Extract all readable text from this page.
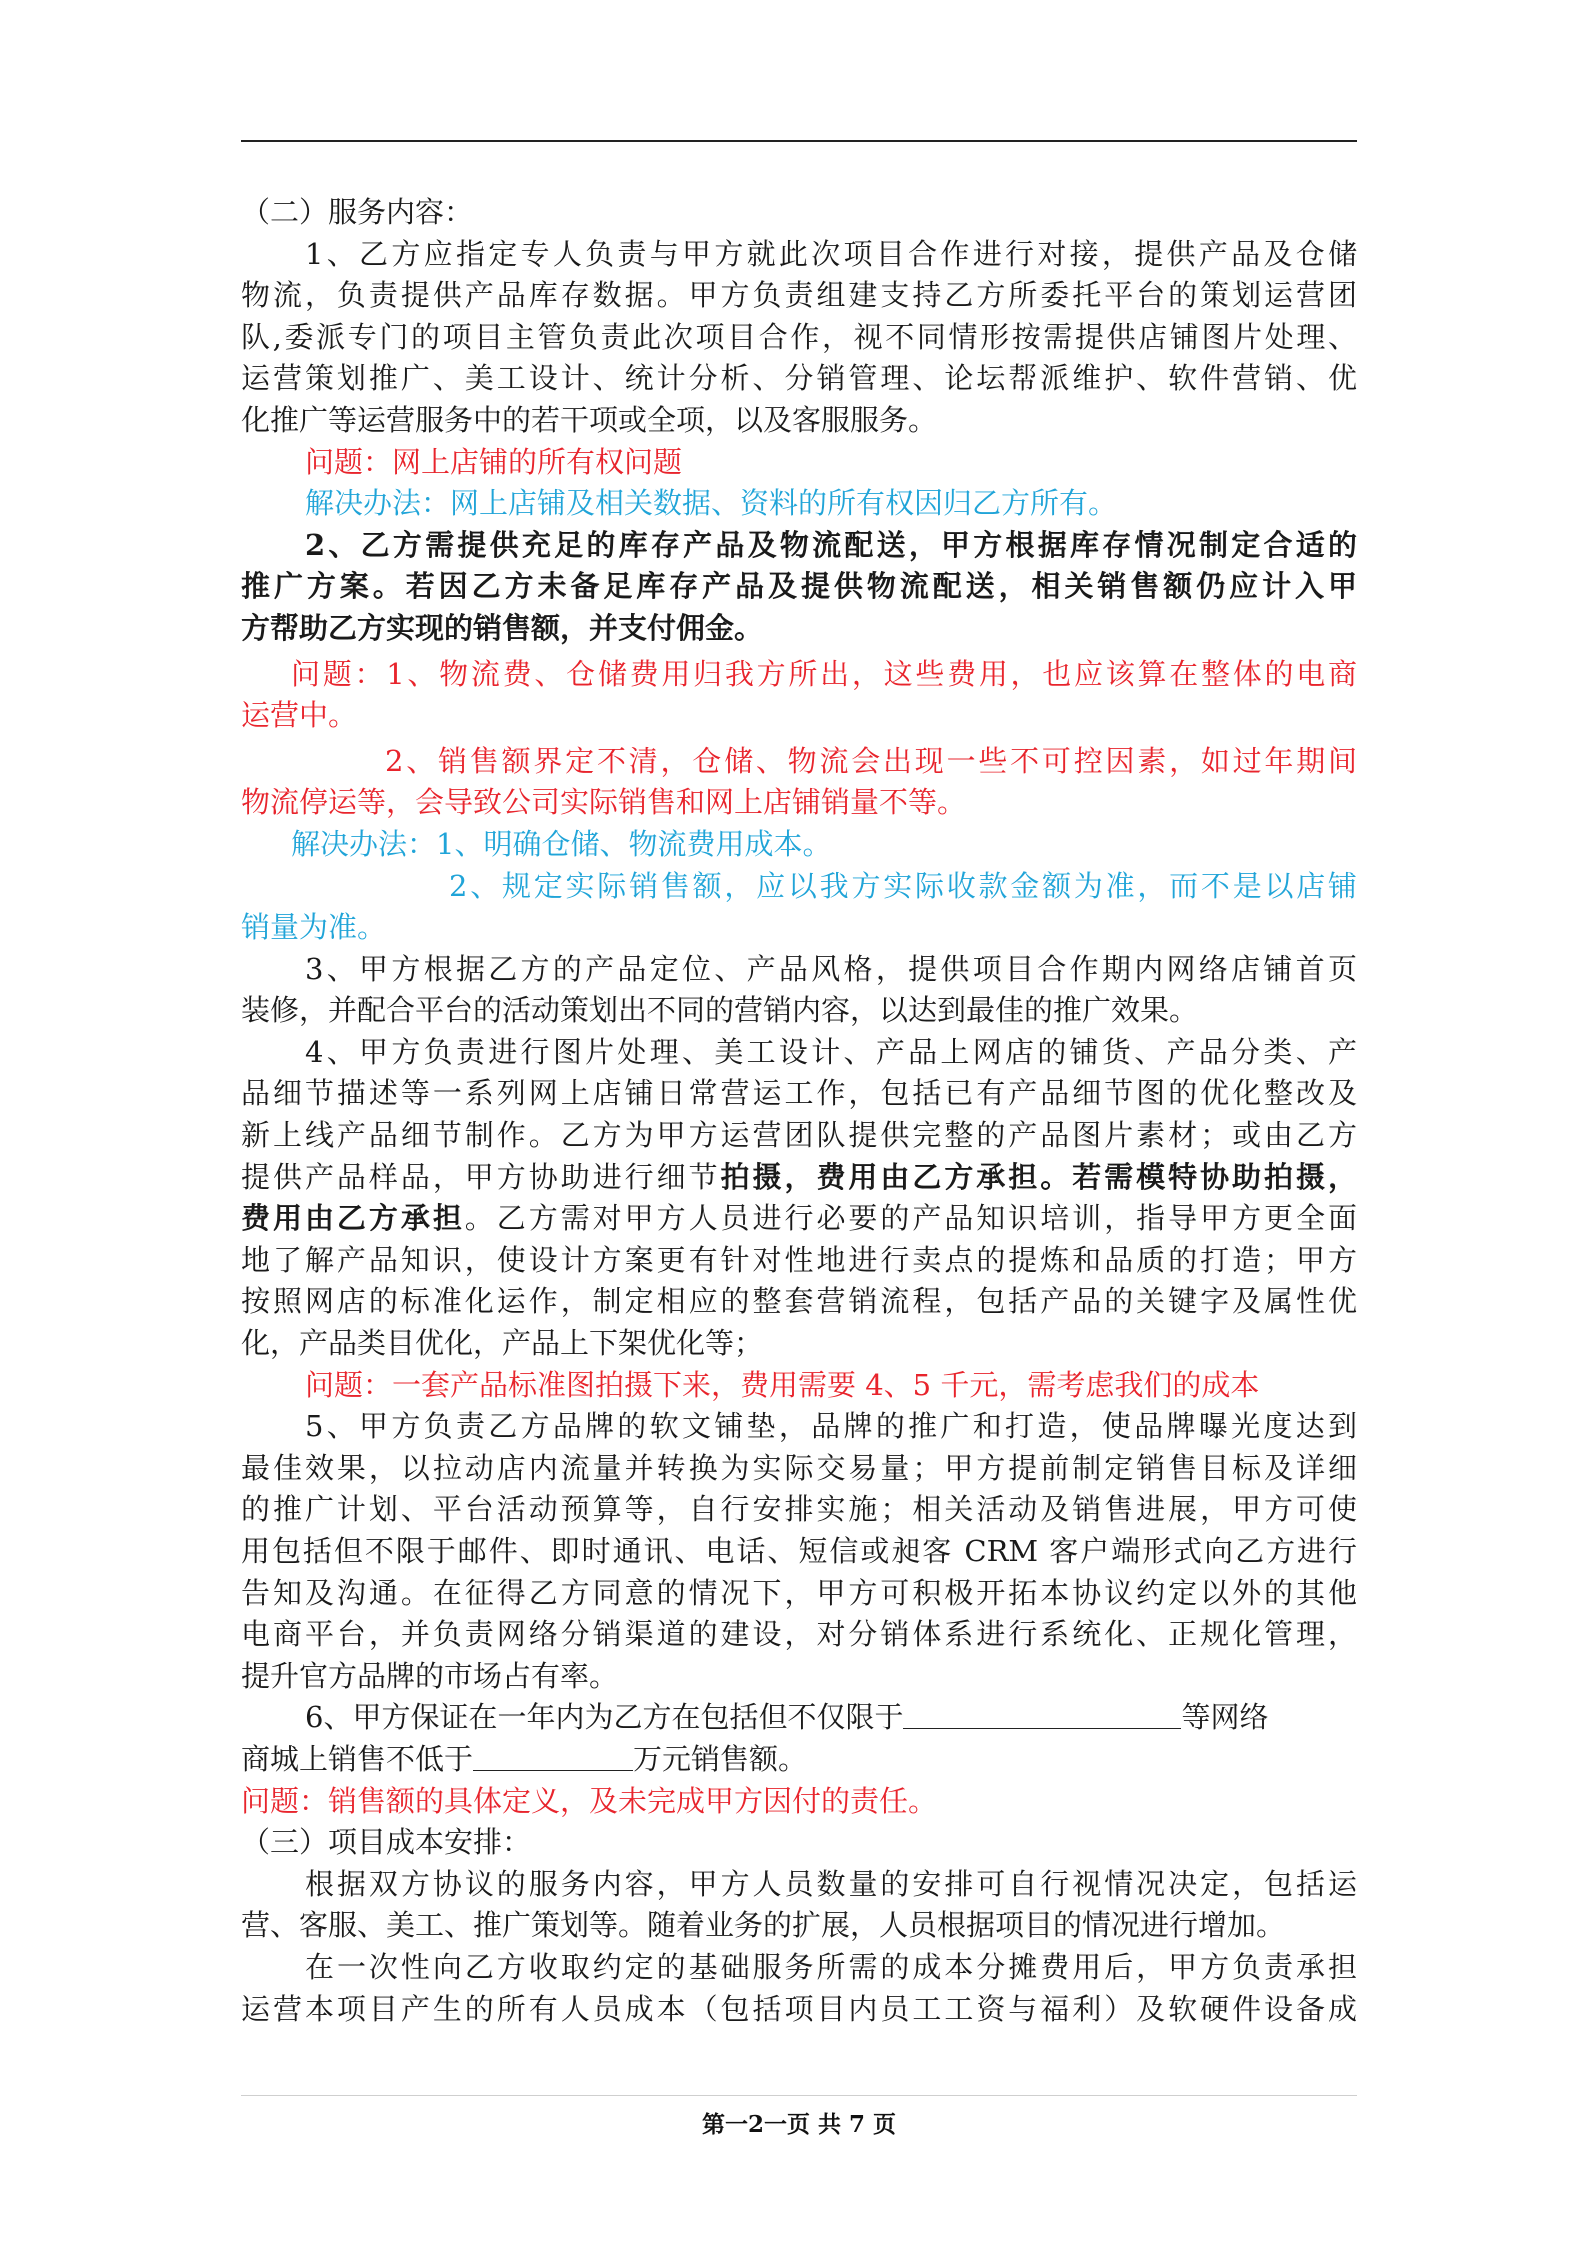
（二）服务内容：
1、乙方应指定专人负责与甲方就此次项目合作进行对接，提供产品及仓储
物流，负责提供产品库存数据。甲方负责组建支持乙方所委托平台的策划运营团
队,委派专门的项目主管负责此次项目合作，视不同情形按需提供店铺图片处理、
运营策划推广、美工设计、统计分析、分销管理、论坛帮派维护、软件营销、优
化推广等运营服务中的若干项或全项，以及客服服务。
问题：网上店铺的所有权问题
解决办法：网上店铺及相关数据、资料的所有权因归乙方所有。
2、乙方需提供充足的库存产品及物流配送，甲方根据库存情况制定合适的
推广方案。若因乙方未备足库存产品及提供物流配送，相关销售额仍应计入甲
方帮助乙方实现的销售额，并支付佣金。
问题：1、物流费、仓储费用归我方所出，这些费用，也应该算在整体的电商
运营中。
2、销售额界定不清，仓储、物流会出现一些不可控因素，如过年期间
物流停运等，会导致公司实际销售和网上店铺销量不等。
解决办法：1、明确仓储、物流费用成本。
2、规定实际销售额，应以我方实际收款金额为准，而不是以店铺
销量为准。
3、甲方根据乙方的产品定位、产品风格，提供项目合作期内网络店铺首页
装修，并配合平台的活动策划出不同的营销内容，以达到最佳的推广效果。
4、甲方负责进行图片处理、美工设计、产品上网店的铺货、产品分类、产
品细节描述等一系列网上店铺日常营运工作，包括已有产品细节图的优化整改及
新上线产品细节制作。乙方为甲方运营团队提供完整的产品图片素材；或由乙方
提供产品样品，甲方协助进行细节拍摄，费用由乙方承担。若需模特协助拍摄，
费用由乙方承担。乙方需对甲方人员进行必要的产品知识培训，指导甲方更全面
地了解产品知识，使设计方案更有针对性地进行卖点的提炼和品质的打造；甲方
按照网店的标准化运作，制定相应的整套营销流程，包括产品的关键字及属性优
化，产品类目优化，产品上下架优化等；
问题：一套产品标准图拍摄下来，费用需要 4、5 千元，需考虑我们的成本
5、甲方负责乙方品牌的软文铺垫，品牌的推广和打造，使品牌曝光度达到
最佳效果，以拉动店内流量并转换为实际交易量；甲方提前制定销售目标及详细
的推广计划、平台活动预算等，自行安排实施；相关活动及销售进展，甲方可使
用包括但不限于邮件、即时通讯、电话、短信或昶客 CRM 客户端形式向乙方进行
告知及沟通。在征得乙方同意的情况下，甲方可积极开拓本协议约定以外的其他
电商平台，并负责网络分销渠道的建设，对分销体系进行系统化、正规化管理，
提升官方品牌的市场占有率。
6、甲方保证在一年内为乙方在包括但不仅限于	等网络
商城上销售不低于	万元销售额。
问题：销售额的具体定义，及未完成甲方因付的责任。
（三）项目成本安排：
根据双方协议的服务内容，甲方人员数量的安排可自行视情况决定，包括运
营、客服、美工、推广策划等。随着业务的扩展，人员根据项目的情况进行增加。
在一次性向乙方收取约定的基础服务所需的成本分摊费用后，甲方负责承担
运营本项目产生的所有人员成本（包括项目内员工工资与福利）及软硬件设备成
第一2一页 共 7 页
